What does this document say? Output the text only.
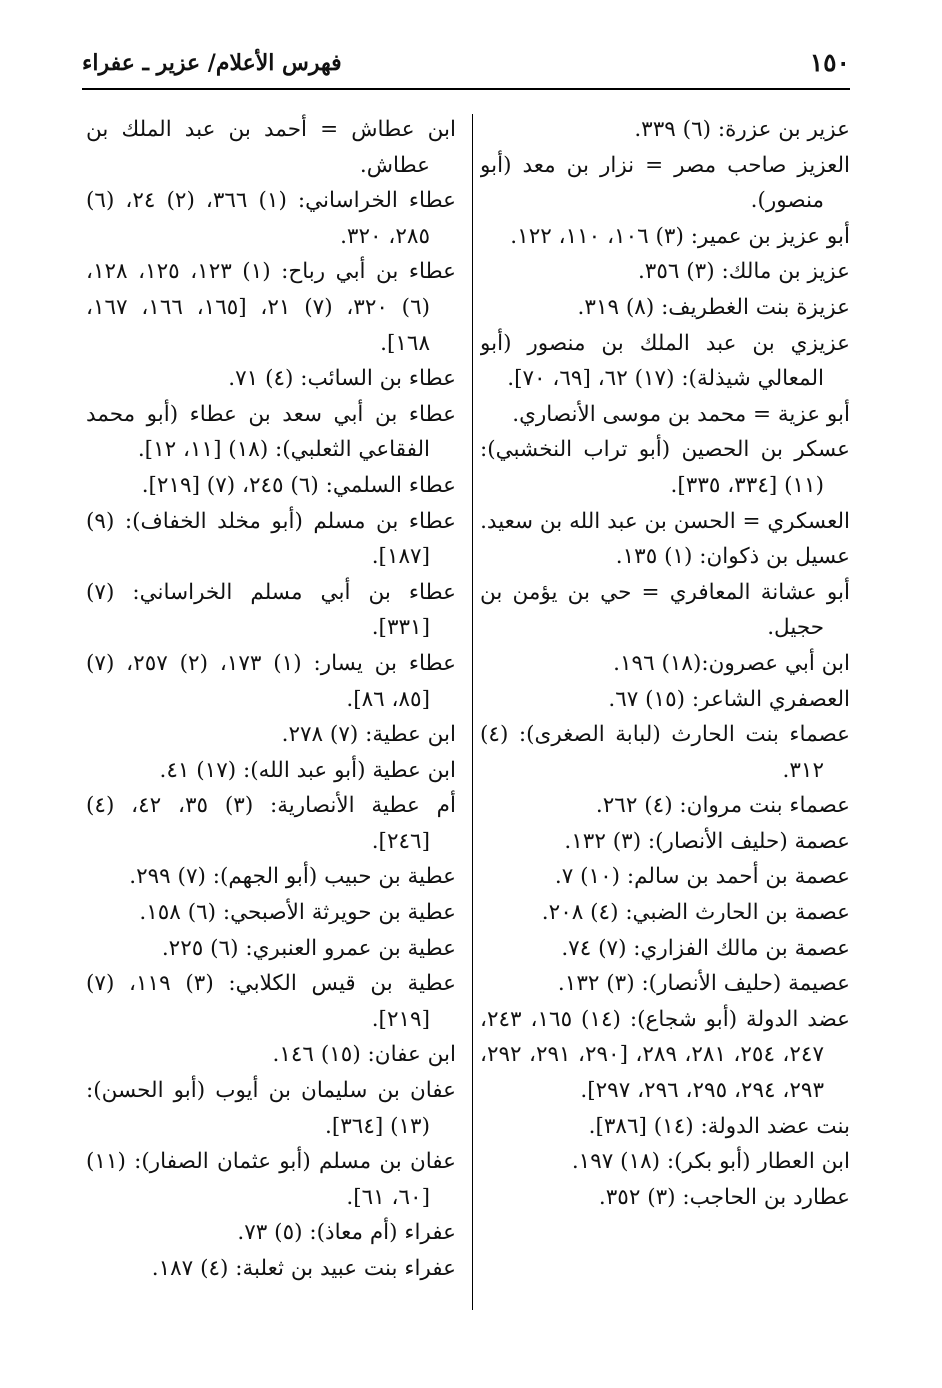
١٥٠
فهرس الأعلام/ عزير ـ عفراء
عزير بن عزرة: (٦) ٣٣٩.
العزيز صاحب مصر = نزار بن معد (أبو منصور).
أبو عزيز بن عمير: (٣) ١٠٦، ١١٠، ١٢٢.
عزيز بن مالك: (٣) ٣٥٦.
عزيزة بنت الغطريف: (٨) ٣١٩.
عزيزي بن عبد الملك بن منصور (أبو المعالي شيذلة): (١٧) ٦٢، [٦٩، ٧٠].
أبو عزية = محمد بن موسى الأنصاري.
عسكر بن الحصين (أبو تراب النخشبي): (١١) [٣٣٤، ٣٣٥].
العسكري = الحسن بن عبد الله بن سعيد.
عسيل بن ذكوان: (١) ١٣٥.
أبو عشانة المعافري = حي بن يؤمن بن حجيل.
ابن أبي عصرون:(١٨) ١٩٦.
العصفري الشاعر: (١٥) ٦٧.
عصماء بنت الحارث (لبابة الصغرى): (٤) ٣١٢.
عصماء بنت مروان: (٤) ٢٦٢.
عصمة (حليف الأنصار): (٣) ١٣٢.
عصمة بن أحمد بن سالم: (١٠) ٧.
عصمة بن الحارث الضبي: (٤) ٢٠٨.
عصمة بن مالك الفزاري: (٧) ٧٤.
عصيمة (حليف الأنصار): (٣) ١٣٢.
عضد الدولة (أبو شجاع): (١٤) ١٦٥، ٢٤٣، ٢٤٧، ٢٥٤، ٢٨١، ٢٨٩، [٢٩٠، ٢٩١، ٢٩٢، ٢٩٣، ٢٩٤، ٢٩٥، ٢٩٦، ٢٩٧].
بنت عضد الدولة: (١٤) [٣٨٦].
ابن العطار (أبو بكر): (١٨) ١٩٧.
عطارد بن الحاجب: (٣) ٣٥٢.
ابن عطاش = أحمد بن عبد الملك بن عطاش.
عطاء الخراساني: (١) ٣٦٦، (٢) ٢٤، (٦) ٢٨٥، ٣٢٠.
عطاء بن أبي رباح: (١) ١٢٣، ١٢٥، ١٢٨، (٦) ٣٢٠، (٧) ٢١، [١٦٥، ١٦٦، ١٦٧، ١٦٨].
عطاء بن السائب: (٤) ٧١.
عطاء بن أبي سعد بن عطاء (أبو محمد الفقاعي الثعلبي): (١٨) [١١، ١٢].
عطاء السلمي: (٦) ٢٤٥، (٧) [٢١٩].
عطاء بن مسلم (أبو مخلد الخفاف): (٩) [١٨٧].
عطاء بن أبي مسلم الخراساني: (٧) [٣٣١].
عطاء بن يسار: (١) ١٧٣، (٢) ٢٥٧، (٧) [٨٥، ٨٦].
ابن عطية: (٧) ٢٧٨.
ابن عطية (أبو عبد الله): (١٧) ٤١.
أم عطية الأنصارية: (٣) ٣٥، ٤٢، (٤) [٢٤٦].
عطية بن حبيب (أبو الجهم): (٧) ٢٩٩.
عطية بن حويرثة الأصبحي: (٦) ١٥٨.
عطية بن عمرو العنبري: (٦) ٢٢٥.
عطية بن قيس الكلابي: (٣) ١١٩، (٧) [٢١٩].
ابن عفان: (١٥) ١٤٦.
عفان بن سليمان بن أيوب (أبو الحسن): (١٣) [٣٦٤].
عفان بن مسلم (أبو عثمان الصفار): (١١) [٦٠، ٦١].
عفراء (أم معاذ): (٥) ٧٣.
عفراء بنت عبيد بن ثعلبة: (٤) ١٨٧.
